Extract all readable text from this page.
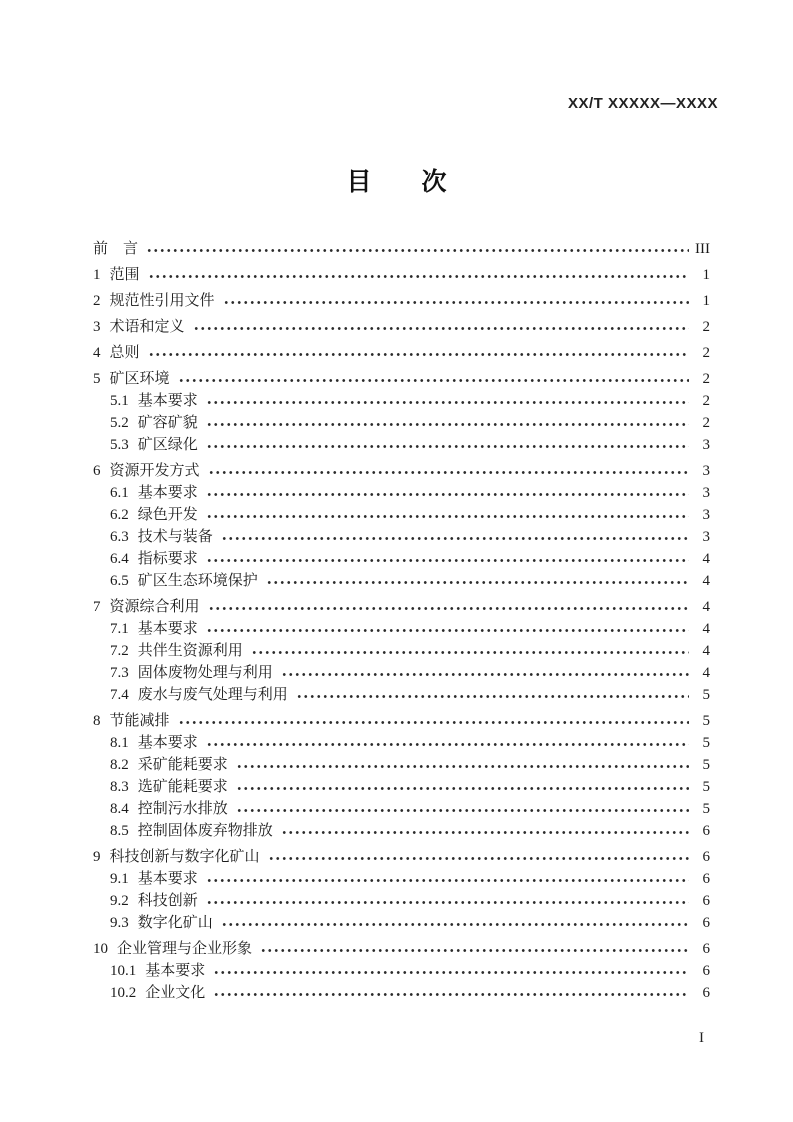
XX/T XXXXX—XXXX
目　　次
前　言	III
1 范围	1
2 规范性引用文件	1
3 术语和定义	2
4 总则	2
5 矿区环境	2
5.1 基本要求	2
5.2 矿容矿貌	2
5.3 矿区绿化	3
6 资源开发方式	3
6.1 基本要求	3
6.2 绿色开发	3
6.3 技术与装备	3
6.4 指标要求	4
6.5 矿区生态环境保护	4
7 资源综合利用	4
7.1 基本要求	4
7.2 共伴生资源利用	4
7.3 固体废物处理与利用	4
7.4 废水与废气处理与利用	5
8 节能减排	5
8.1 基本要求	5
8.2 采矿能耗要求	5
8.3 选矿能耗要求	5
8.4 控制污水排放	5
8.5 控制固体废弃物排放	6
9 科技创新与数字化矿山	6
9.1 基本要求	6
9.2 科技创新	6
9.3 数字化矿山	6
10 企业管理与企业形象	6
10.1 基本要求	6
10.2 企业文化	6
I
